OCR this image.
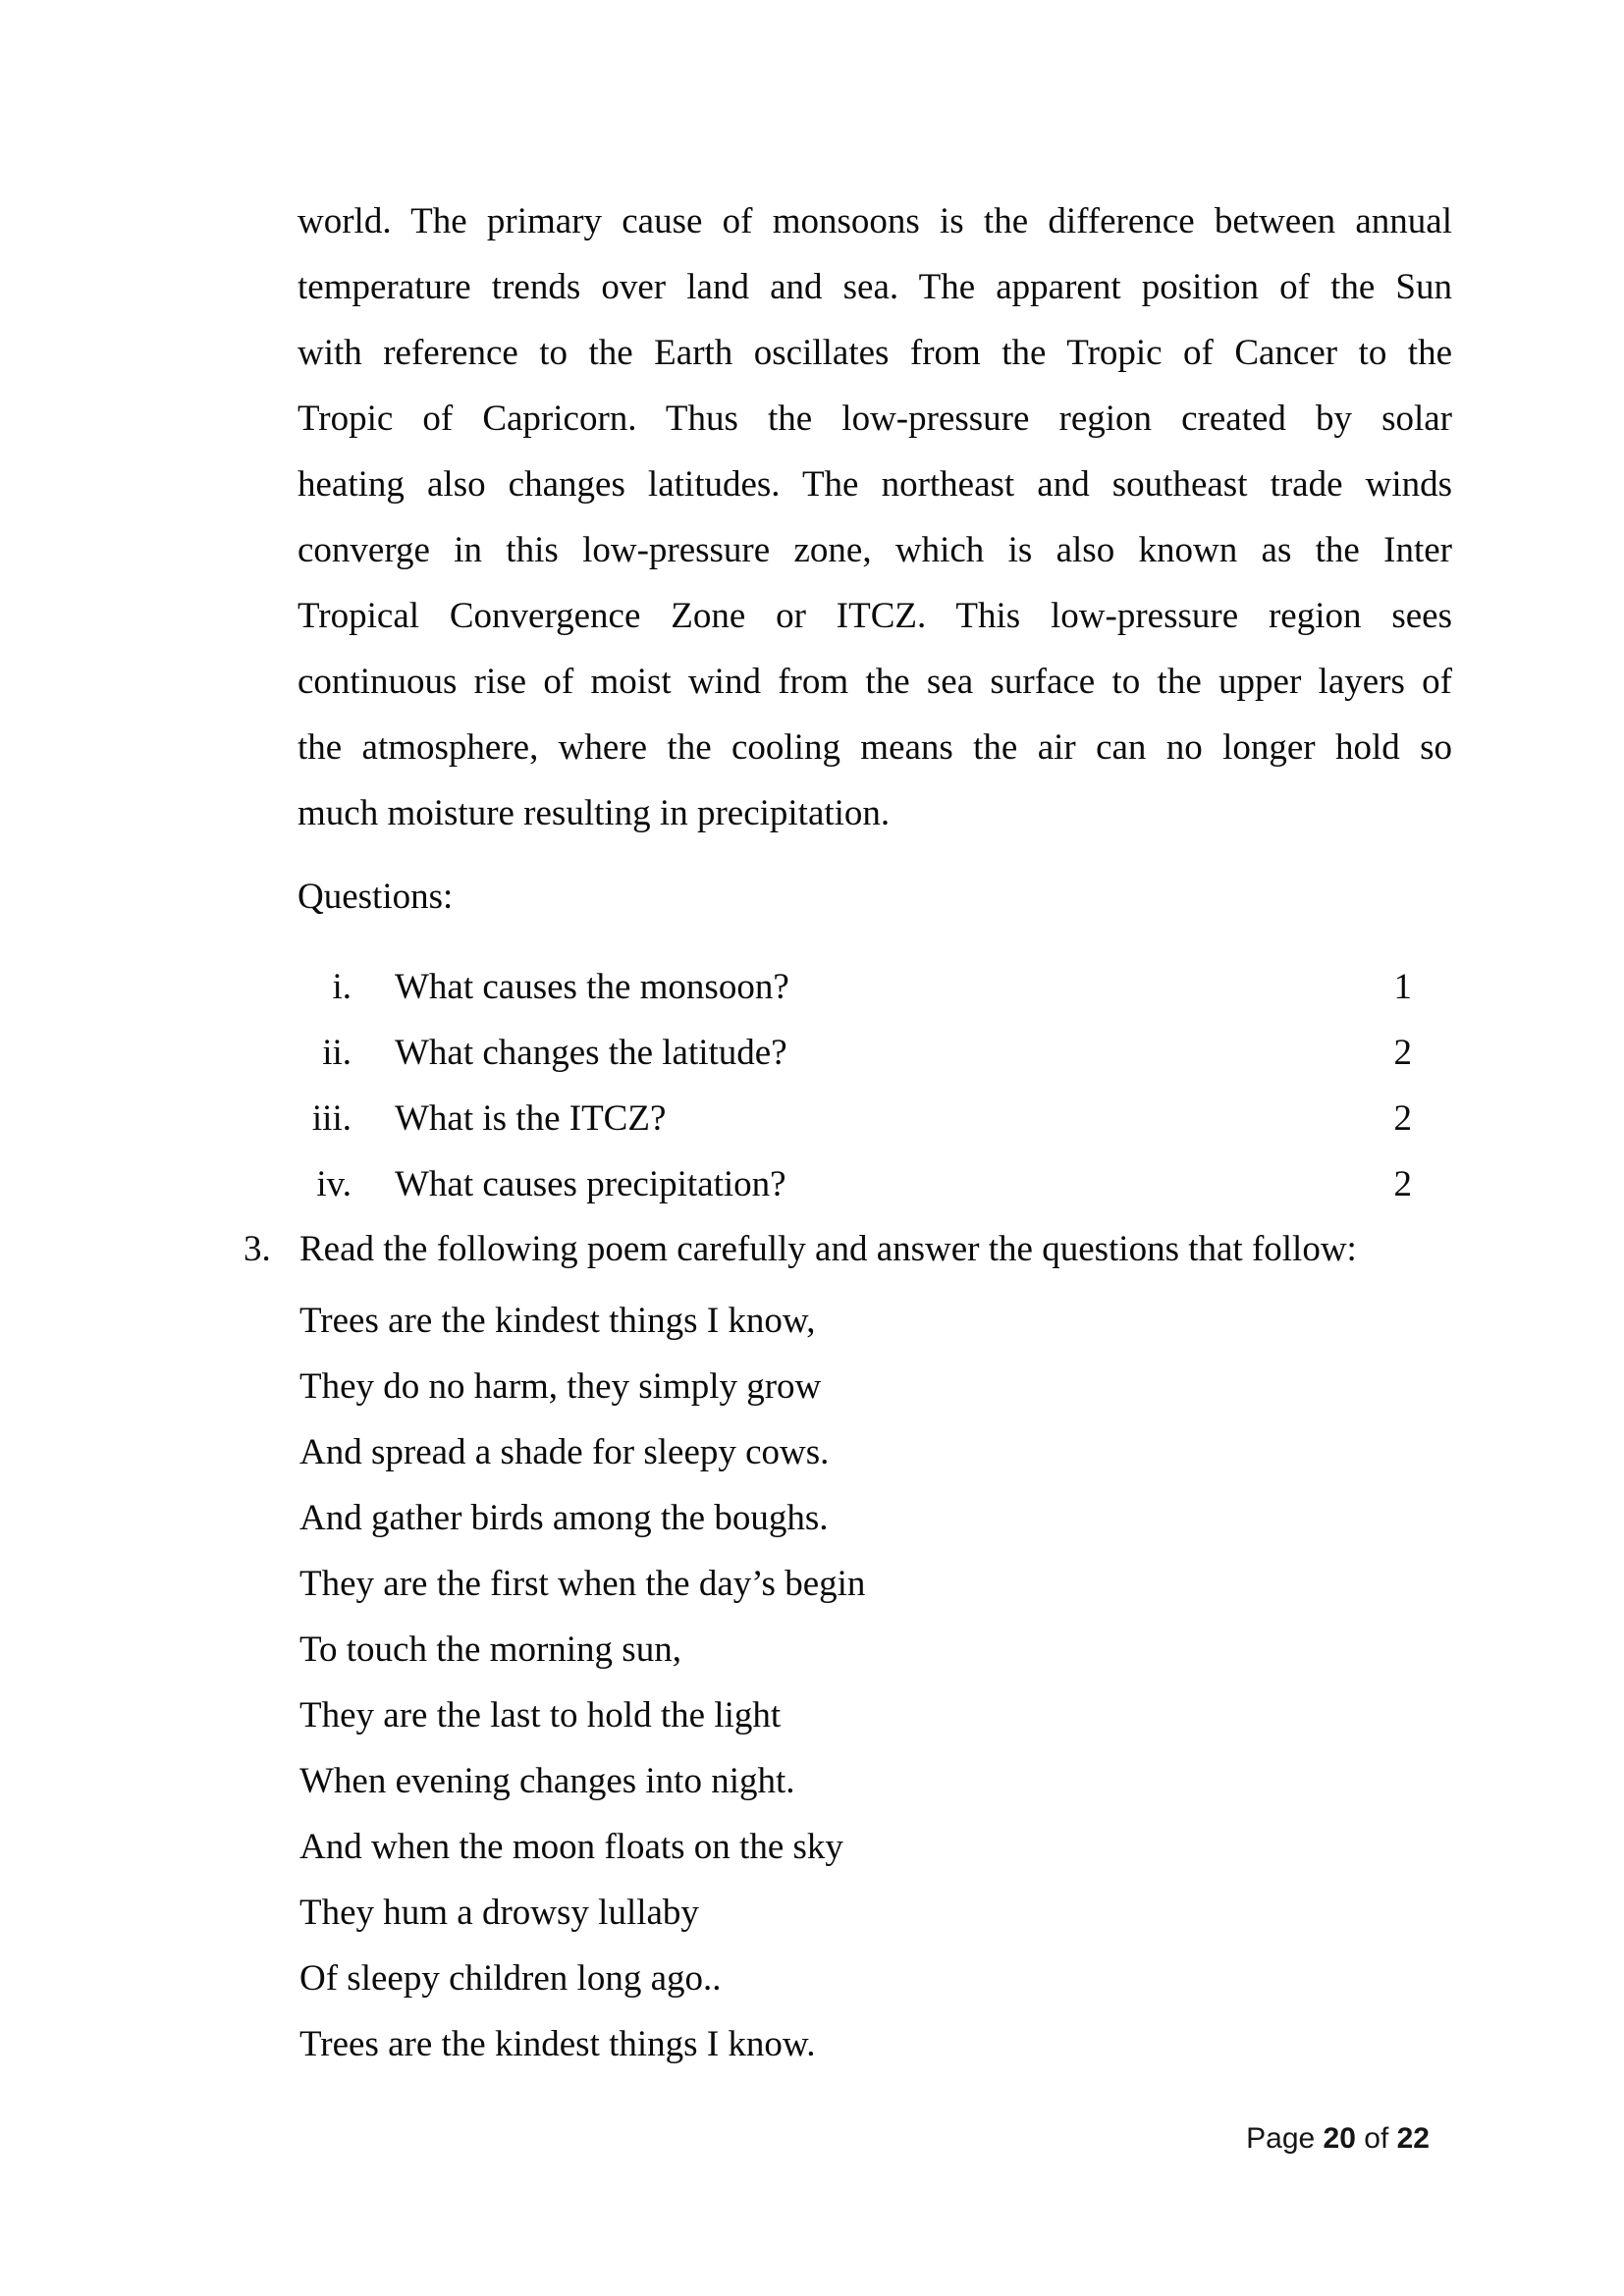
world. The primary cause of monsoons is the difference between annual
temperature trends over land and sea. The apparent position of the Sun
with reference to the Earth oscillates from the Tropic of Cancer to the
Tropic of Capricorn. Thus the low-pressure region created by solar
heating also changes latitudes. The northeast and southeast trade winds
converge in this low-pressure zone, which is also known as the Inter
Tropical Convergence Zone or ITCZ. This low-pressure region sees
continuous rise of moist wind from the sea surface to the upper layers of
the atmosphere, where the cooling means the air can no longer hold so
much moisture resulting in precipitation.
Questions:
i. What causes the monsoon?	1
ii. What changes the latitude?	2
iii. What is the ITCZ?	2
iv. What causes precipitation?	2
3. Read the following poem carefully and answer the questions that follow:
Trees are the kindest things I know,
They do no harm, they simply grow
And spread a shade for sleepy cows.
And gather birds among the boughs.
They are the first when the day’s begin
To touch the morning sun,
They are the last to hold the light
When evening changes into night.
And when the moon floats on the sky
They hum a drowsy lullaby
Of sleepy children long ago..
Trees are the kindest things I know.
Page 20 of 22
